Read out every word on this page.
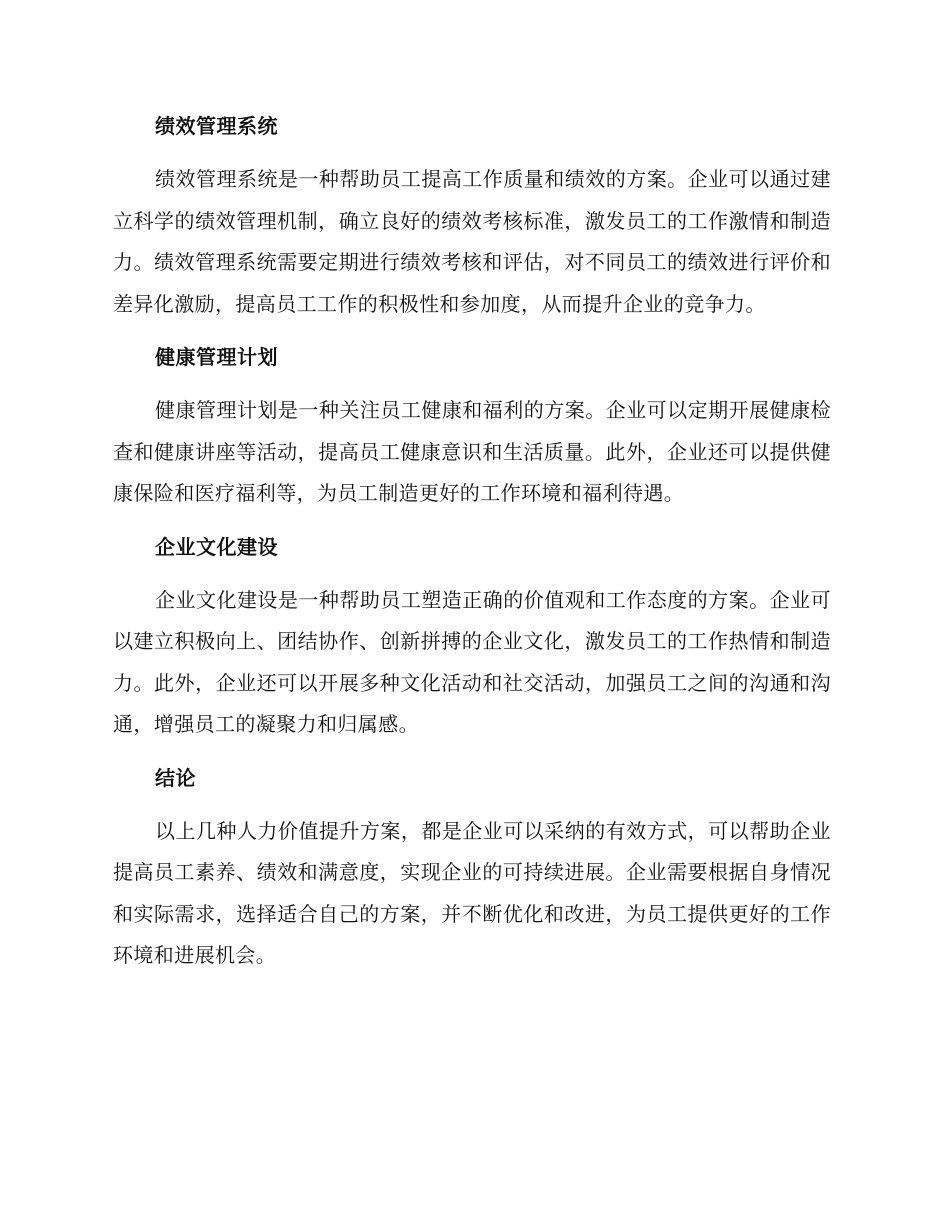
绩效管理系统

绩效管理系统是一种帮助员工提高工作质量和绩效的方案。企业可以通过建立科学的绩效管理机制，确立良好的绩效考核标准，激发员工的工作激情和制造力。绩效管理系统需要定期进行绩效考核和评估，对不同员工的绩效进行评价和差异化激励，提高员工工作的积极性和参加度，从而提升企业的竞争力。

健康管理计划

健康管理计划是一种关注员工健康和福利的方案。企业可以定期开展健康检查和健康讲座等活动，提高员工健康意识和生活质量。此外，企业还可以提供健康保险和医疗福利等，为员工制造更好的工作环境和福利待遇。

企业文化建设

企业文化建设是一种帮助员工塑造正确的价值观和工作态度的方案。企业可以建立积极向上、团结协作、创新拼搏的企业文化，激发员工的工作热情和制造力。此外，企业还可以开展多种文化活动和社交活动，加强员工之间的沟通和沟通，增强员工的凝聚力和归属感。

结论

以上几种人力价值提升方案，都是企业可以采纳的有效方式，可以帮助企业提高员工素养、绩效和满意度，实现企业的可持续进展。企业需要根据自身情况和实际需求，选择适合自己的方案，并不断优化和改进，为员工提供更好的工作环境和进展机会。
